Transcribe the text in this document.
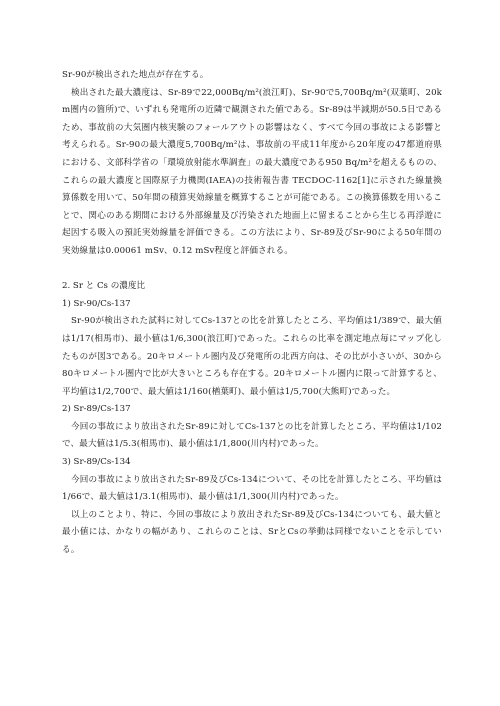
Sr-90が検出された地点が存在する。

検出された最大濃度は、Sr-89で22,000Bq/m²(浪江町)、Sr-90で5,700Bq/m²(双葉町、20km圏内の箇所)で、いずれも発電所の近隣で観測された値である。Sr-89は半減期が50.5日であるため、事故前の大気圏内核実験のフォールアウトの影響はなく、すべて今回の事故による影響と考えられる。Sr-90の最大濃度5,700Bq/m²は、事故前の平成11年度から20年度の47都道府県における、文部科学省の「環境放射能水準調査」の最大濃度である950 Bq/m²を超えるものの、これらの最大濃度と国際原子力機関(IAEA)の技術報告書 TECDOC-1162[1]に示された線量換算係数を用いて、50年間の積算実効線量を概算することが可能である。この換算係数を用いることで、関心のある期間における外部線量及び汚染された地面上に留まることから生じる再浮遊に起因する吸入の預託実効線量を評価できる。この方法により、Sr-89及びSr-90による50年間の実効線量は0.00061 mSv、0.12 mSv程度と評価される。

2. Sr と Cs の濃度比

1) Sr-90/Cs-137

Sr-90が検出された試料に対してCs-137との比を計算したところ、平均値は1/389で、最大値は1/17(相馬市)、最小値は1/6,300(浪江町)であった。これらの比率を測定地点毎にマップ化したものが図3である。20キロメートル圏内及び発電所の北西方向は、その比が小さいが、30から80キロメートル圏内で比が大きいところも存在する。20キロメートル圏内に限って計算すると、平均値は1/2,700で、最大値は1/160(楢葉町)、最小値は1/5,700(大熊町)であった。

2) Sr-89/Cs-137

今回の事故により放出されたSr-89に対してCs-137との比を計算したところ、平均値は1/102で、最大値は1/5.3(相馬市)、最小値は1/1,800(川内村)であった。

3) Sr-89/Cs-134

今回の事故により放出されたSr-89及びCs-134について、その比を計算したところ、平均値は1/66で、最大値は1/3.1(相馬市)、最小値は1/1,300(川内村)であった。

以上のことより、特に、今回の事故により放出されたSr-89及びCs-134についても、最大値と最小値には、かなりの幅があり、これらのことは、SrとCsの挙動は同様でないことを示している。
